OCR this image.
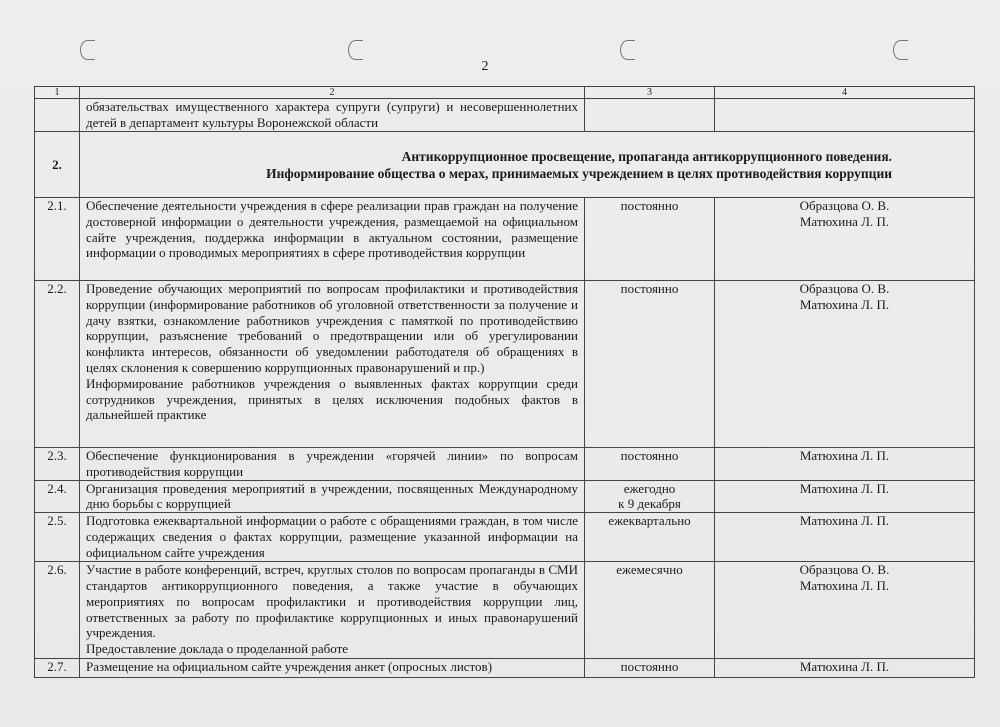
2
1	2	3	4
	обязательствах имущественного характера супруги (супруги) и несовершеннолетних детей в департамент культуры Воронежской области		
2.	Антикоррупционное просвещение, пропаганда антикоррупционного поведения.
Информирование общества о мерах, принимаемых учреждением в целях противодействия коррупции		
2.1.	Обеспечение деятельности учреждения в сфере реализации прав граждан на получение достоверной информации о деятельности учреждения, размещаемой на официальном сайте учреждения, поддержка информации в актуальном состоянии, размещение информации о проводимых мероприятиях в сфере противодействия коррупции	постоянно	Образцова О. В.
Матюхина Л. П.
2.2.	Проведение обучающих мероприятий по вопросам профилактики и противодействия коррупции (информирование работников об уголовной ответственности за получение и дачу взятки, ознакомление работников учреждения с памяткой по противодействию коррупции, разъяснение требований о предотвращении или об урегулировании конфликта интересов, обязанности об уведомлении работодателя об обращениях в целях склонения к совершению коррупционных правонарушений и пр.)
Информирование работников учреждения о выявленных фактах коррупции среди сотрудников учреждения, принятых в целях исключения подобных фактов в дальнейшей практике	постоянно	Образцова О. В.
Матюхина Л. П.
2.3.	Обеспечение функционирования в учреждении «горячей линии» по вопросам противодействия коррупции	постоянно	Матюхина Л. П.
2.4.	Организация проведения мероприятий в учреждении, посвященных Международному дню борьбы с коррупцией	ежегодно
к 9 декабря	Матюхина Л. П.
2.5.	Подготовка ежеквартальной информации о работе с обращениями граждан, в том числе содержащих сведения о фактах коррупции, размещение указанной информации на официальном сайте учреждения	ежеквартально	Матюхина Л. П.
2.6.	Участие в работе конференций, встреч, круглых столов по вопросам пропаганды в СМИ стандартов антикоррупционного поведения, а также участие в обучающих мероприятиях по вопросам профилактики и противодействия коррупции лиц, ответственных за работу по профилактике коррупционных и иных правонарушений учреждения.
Предоставление доклада о проделанной работе	ежемесячно	Образцова О. В.
Матюхина Л. П.
2.7.	Размещение на официальном сайте учреждения анкет (опросных листов)	постоянно	Матюхина Л. П.
